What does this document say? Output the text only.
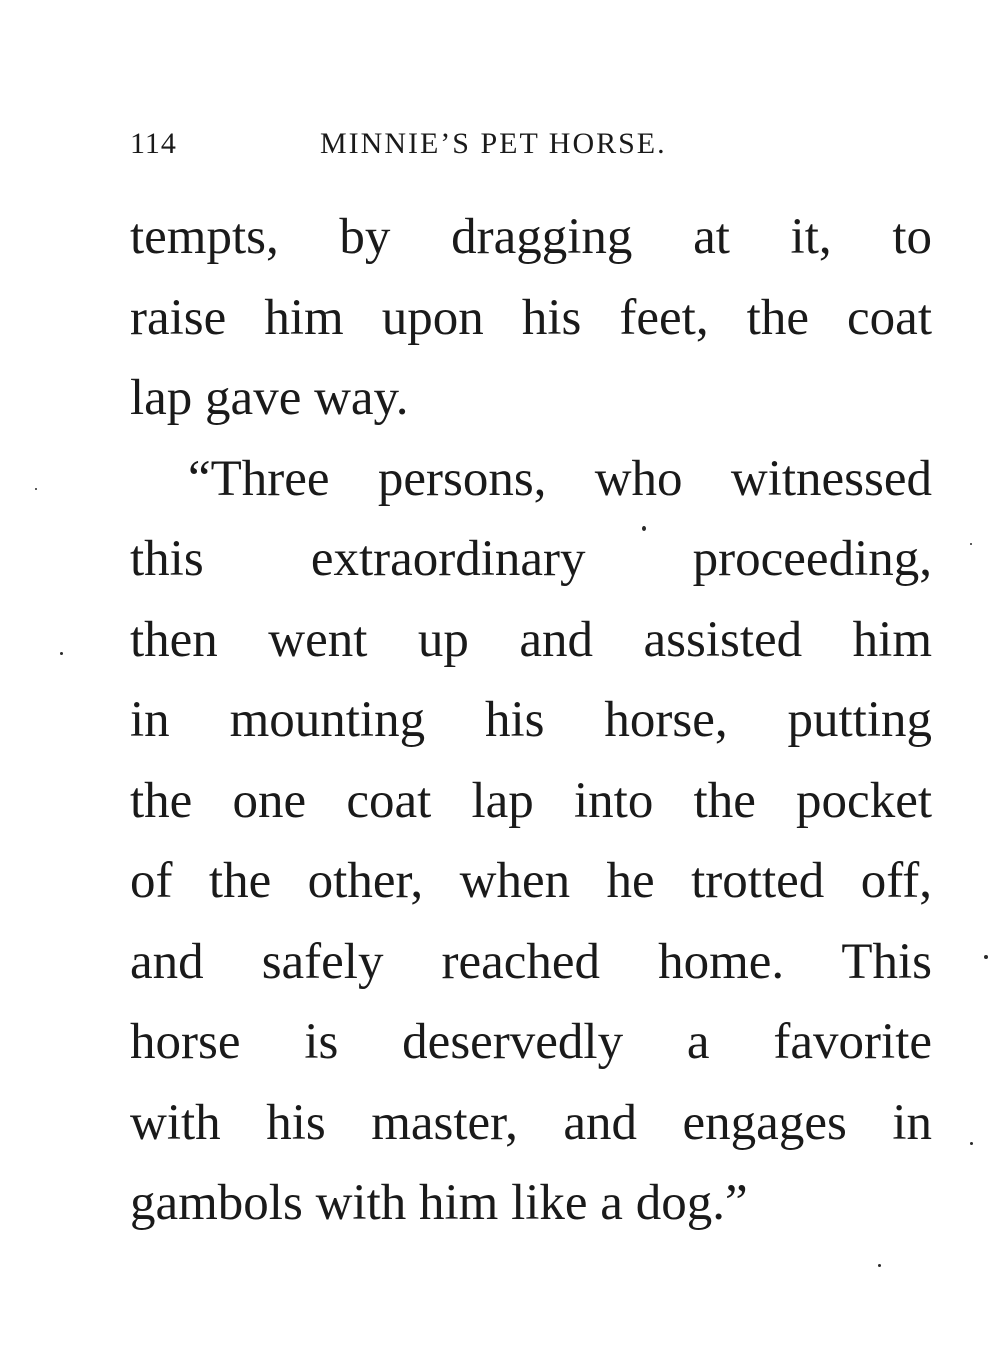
114	MINNIE’S PET HORSE.
tempts, by dragging at it, to
raise him upon his feet, the coat
lap gave way.
“Three persons, who witnessed
this extraordinary proceeding,
then went up and assisted him
in mounting his horse, putting
the one coat lap into the pocket
of the other, when he trotted off,
and safely reached home. This
horse is deservedly a favorite
with his master, and engages in
gambols with him like a dog.”
